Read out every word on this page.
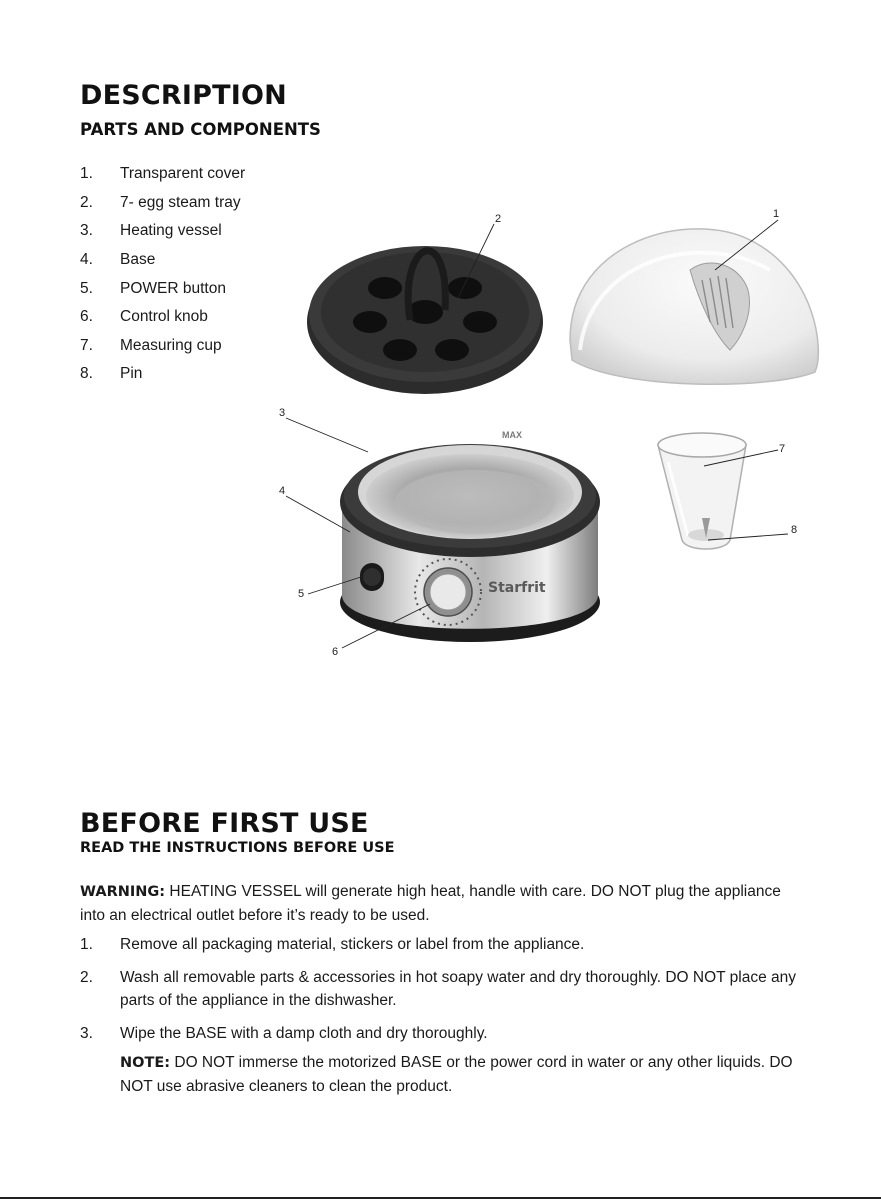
DESCRIPTION
PARTS AND COMPONENTS
1.	Transparent cover
2.	7- egg steam tray
3.	Heating vessel
4.	Base
5.	POWER button
6.	Control knob
7.	Measuring cup
8.	Pin
MAX
Starfrit
1
2
3
4
5
6
7
8
BEFORE FIRST USE
READ THE INSTRUCTIONS BEFORE USE

WARNING: HEATING VESSEL will generate high heat, handle with care. DO NOT plug the appliance into an electrical outlet before it’s ready to be used.

1.	Remove all packaging material, stickers or label from the appliance.
2.	Wash all removable parts & accessories in hot soapy water and dry thoroughly. DO NOT place any parts of the appliance in the dishwasher.
3.	Wipe the BASE with a damp cloth and dry thoroughly.
NOTE: DO NOT immerse the motorized BASE or the power cord in water or any other liquids. DO NOT use abrasive cleaners to clean the product.
